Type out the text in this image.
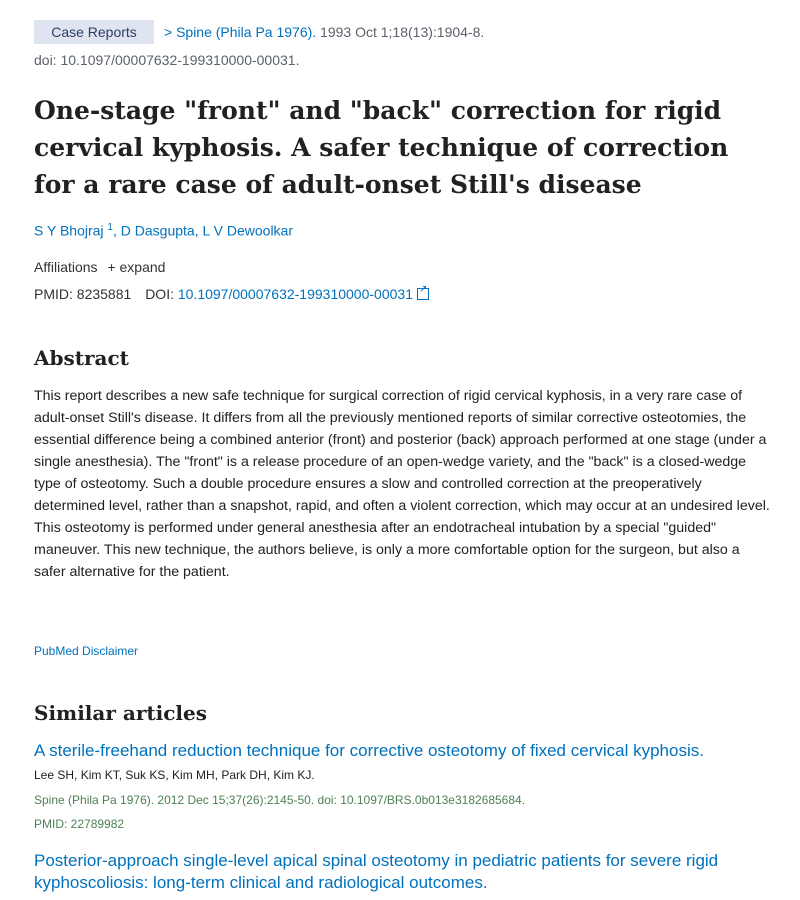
Case Reports	> Spine (Phila Pa 1976). 1993 Oct 1;18(13):1904-8.
doi: 10.1097/00007632-199310000-00031.
One-stage "front" and "back" correction for rigid cervical kyphosis. A safer technique of correction for a rare case of adult-onset Still's disease
S Y Bhojraj $^1$, D Dasgupta, L V Dewoolkar
Affiliations + expand
PMID: 8235881 DOI: 10.1097/00007632-199310000-00031↗
Abstract
This report describes a new safe technique for surgical correction of rigid cervical kyphosis, in a very rare case of adult-onset Still's disease. It differs from all the previously mentioned reports of similar corrective osteotomies, the essential difference being a combined anterior (front) and posterior (back) approach performed at one stage (under a single anesthesia). The "front" is a release procedure of an open-wedge variety, and the "back" is a closed-wedge type of osteotomy. Such a double procedure ensures a slow and controlled correction at the preoperatively determined level, rather than a snapshot, rapid, and often a violent correction, which may occur at an undesired level. This osteotomy is performed under general anesthesia after an endotracheal intubation by a special "guided" maneuver. This new technique, the authors believe, is only a more comfortable option for the surgeon, but also a safer alternative for the patient.
PubMed Disclaimer
Similar articles
A sterile-freehand reduction technique for corrective osteotomy of fixed cervical kyphosis.
Lee SH, Kim KT, Suk KS, Kim MH, Park DH, Kim KJ.
Spine (Phila Pa 1976). 2012 Dec 15;37(26):2145-50. doi: 10.1097/BRS.0b013e3182685684.
PMID: 22789982
Posterior-approach single-level apical spinal osteotomy in pediatric patients for severe rigid kyphoscoliosis: long-term clinical and radiological outcomes.
